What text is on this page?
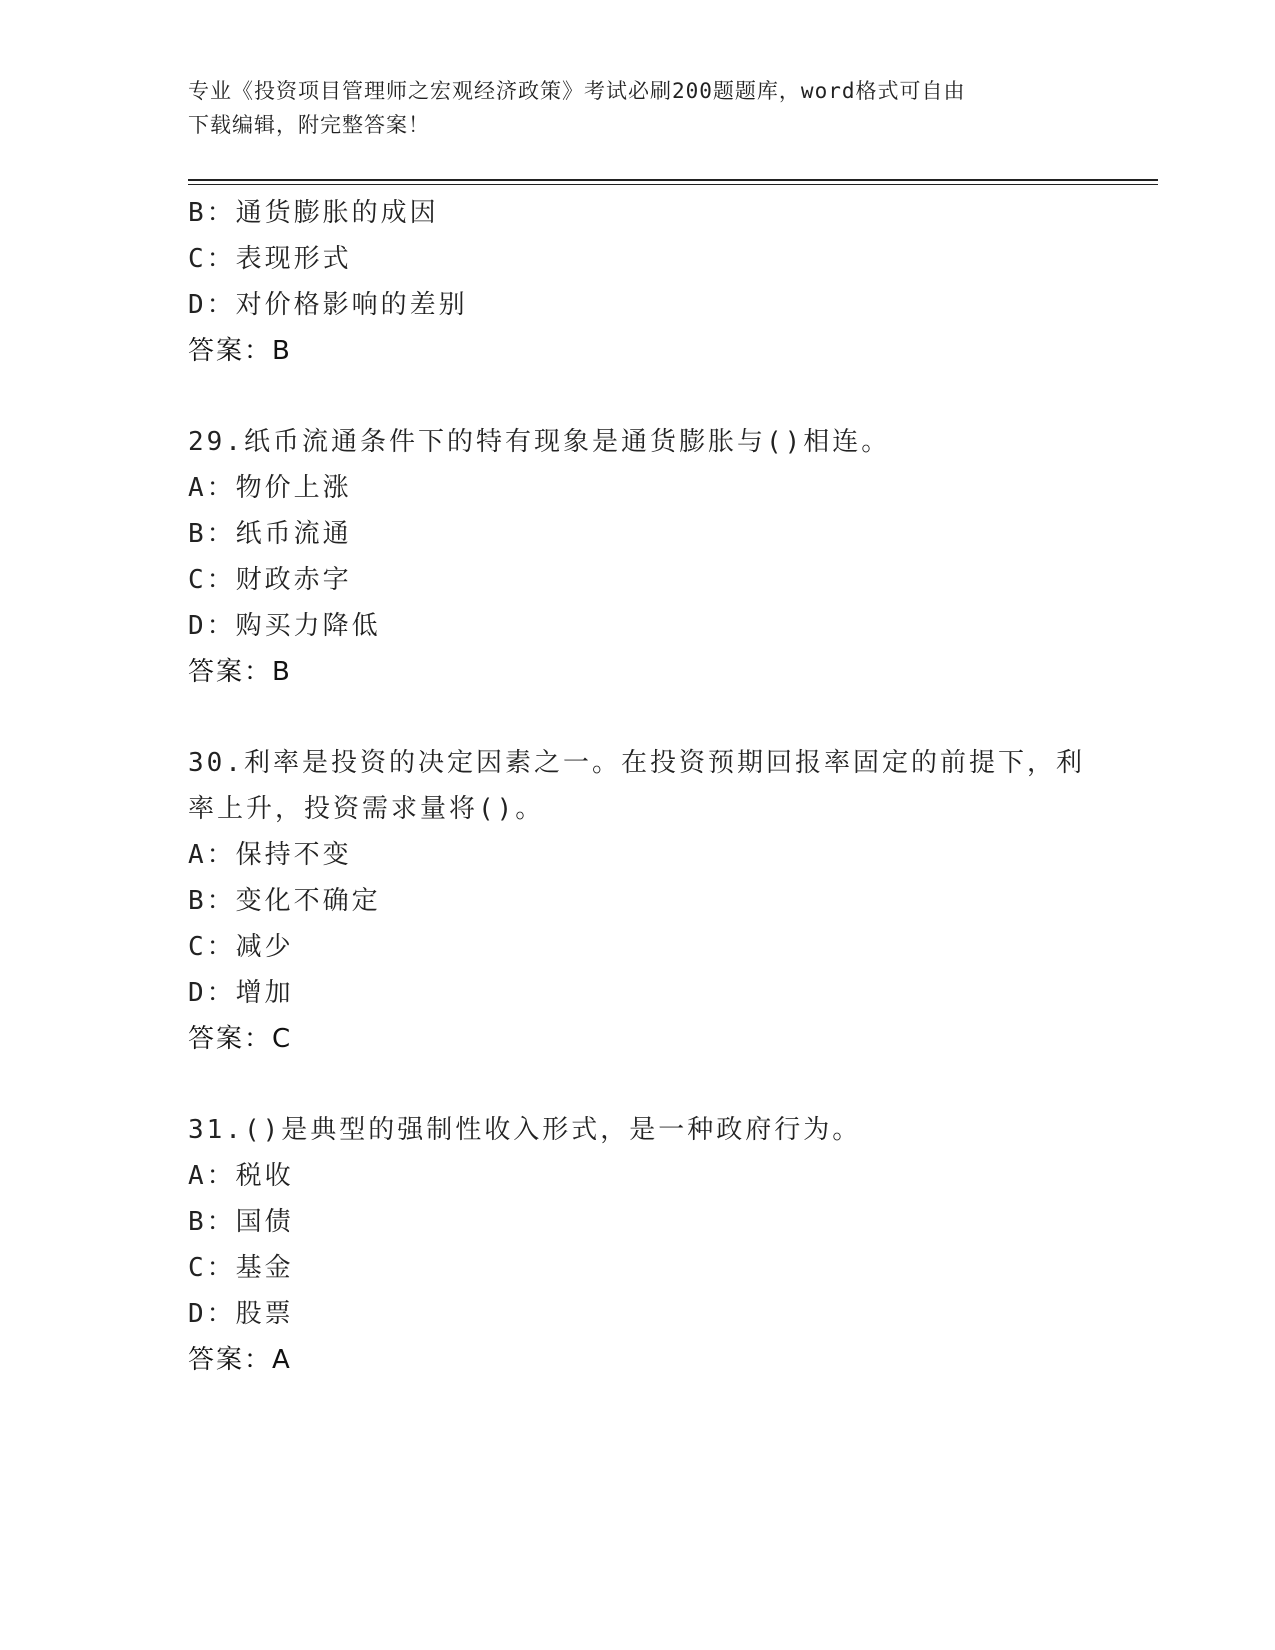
专业《投资项目管理师之宏观经济政策》考试必刷200题题库，word格式可自由
下载编辑，附完整答案！
B：通货膨胀的成因
C：表现形式
D：对价格影响的差别
答案：B
29.纸币流通条件下的特有现象是通货膨胀与()相连。
A：物价上涨
B：纸币流通
C：财政赤字
D：购买力降低
答案：B
30.利率是投资的决定因素之一。在投资预期回报率固定的前提下，利
率上升，投资需求量将()。
A：保持不变
B：变化不确定
C：减少
D：增加
答案：C
31.()是典型的强制性收入形式，是一种政府行为。
A：税收
B：国债
C：基金
D：股票
答案：A
